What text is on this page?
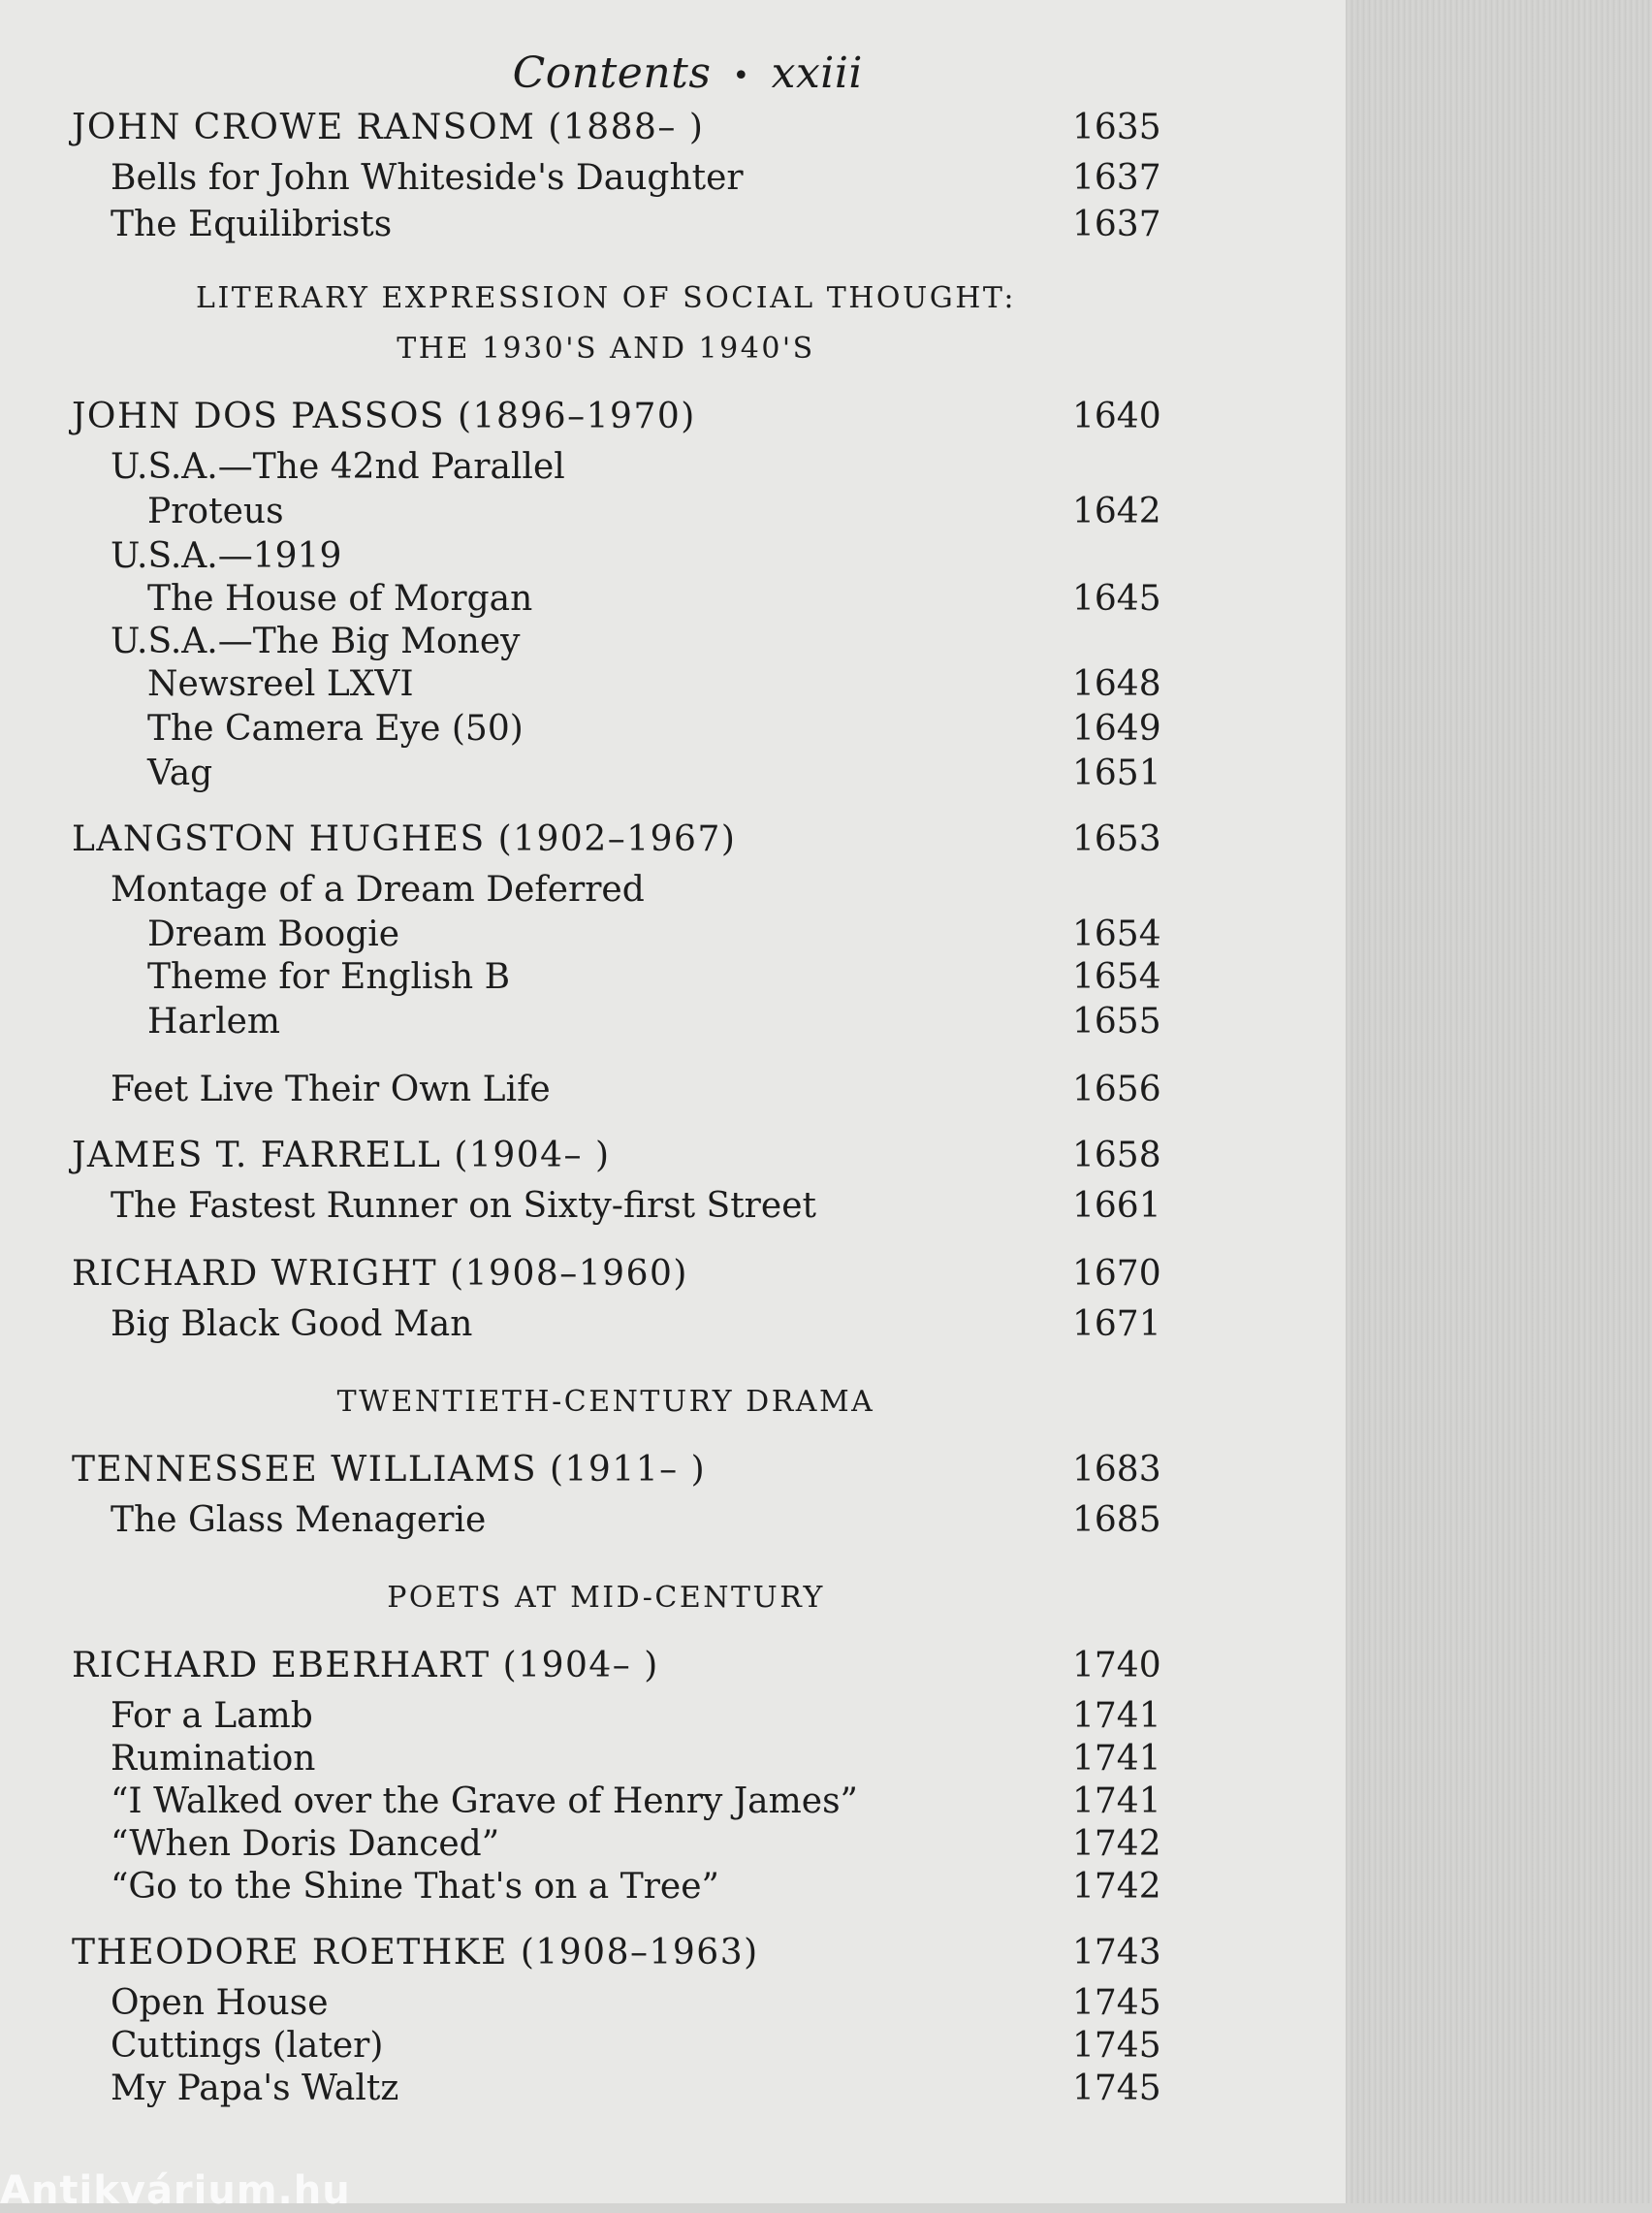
Contents • xxiii
JOHN CROWE RANSOM (1888– )	1635
Bells for John Whiteside's Daughter	1637
The Equilibrists	1637
LITERARY EXPRESSION OF SOCIAL THOUGHT:
THE 1930'S AND 1940'S
JOHN DOS PASSOS (1896–1970)	1640
U.S.A.—The 42nd Parallel
Proteus	1642
U.S.A.—1919
The House of Morgan	1645
U.S.A.—The Big Money
Newsreel LXVI	1648
The Camera Eye (50)	1649
Vag	1651
LANGSTON HUGHES (1902–1967)	1653
Montage of a Dream Deferred
Dream Boogie	1654
Theme for English B	1654
Harlem	1655
Feet Live Their Own Life	1656
JAMES T. FARRELL (1904– )	1658
The Fastest Runner on Sixty-first Street	1661
RICHARD WRIGHT (1908–1960)	1670
Big Black Good Man	1671
TWENTIETH-CENTURY DRAMA
TENNESSEE WILLIAMS (1911– )	1683
The Glass Menagerie	1685
POETS AT MID-CENTURY
RICHARD EBERHART (1904– )	1740
For a Lamb	1741
Rumination	1741
“I Walked over the Grave of Henry James”	1741
“When Doris Danced”	1742
“Go to the Shine That's on a Tree”	1742
THEODORE ROETHKE (1908–1963)	1743
Open House	1745
Cuttings (later)	1745
My Papa's Waltz	1745
Antikvárium.hu
